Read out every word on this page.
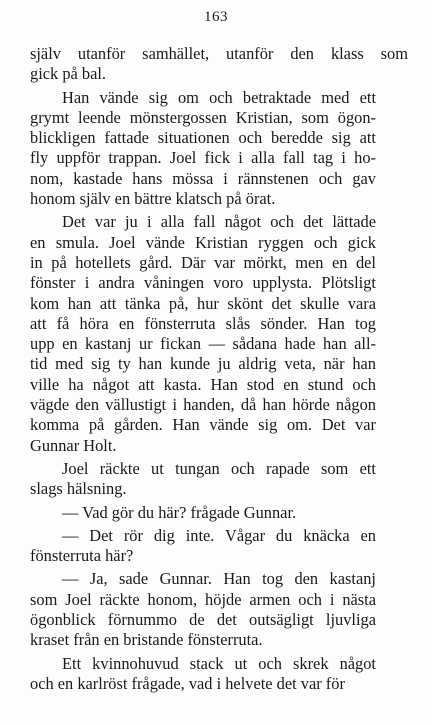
163

själv utanför samhället, utanför den klass som
gick på bal.

Han vände sig om och betraktade med ett
grymt leende mönstergossen Kristian, som ögon-
blickligen fattade situationen och beredde sig att
fly uppför trappan. Joel fick i alla fall tag i ho-
nom, kastade hans mössa i rännstenen och gav
honom själv en bättre klatsch på örat.

Det var ju i alla fall något och det lättade
en smula. Joel vände Kristian ryggen och gick
in på hotellets gård. Där var mörkt, men en del
fönster i andra våningen voro upplysta. Plötsligt
kom han att tänka på, hur skönt det skulle vara
att få höra en fönsterruta slås sönder. Han tog
upp en kastanj ur fickan — sådana hade han all-
tid med sig ty han kunde ju aldrig veta, när han
ville ha något att kasta. Han stod en stund och
vägde den vällustigt i handen, då han hörde någon
komma på gården. Han vände sig om. Det var
Gunnar Holt.

Joel räckte ut tungan och rapade som ett
slags hälsning.

— Vad gör du här? frågade Gunnar.

— Det rör dig inte. Vågar du knäcka en
fönsterruta här?

— Ja, sade Gunnar. Han tog den kastanj
som Joel räckte honom, höjde armen och i nästa
ögonblick förnummo de det outsägligt ljuvliga
kraset från en bristande fönsterruta.

Ett kvinnohuvud stack ut och skrek något
och en karlröst frågade, vad i helvete det var för
